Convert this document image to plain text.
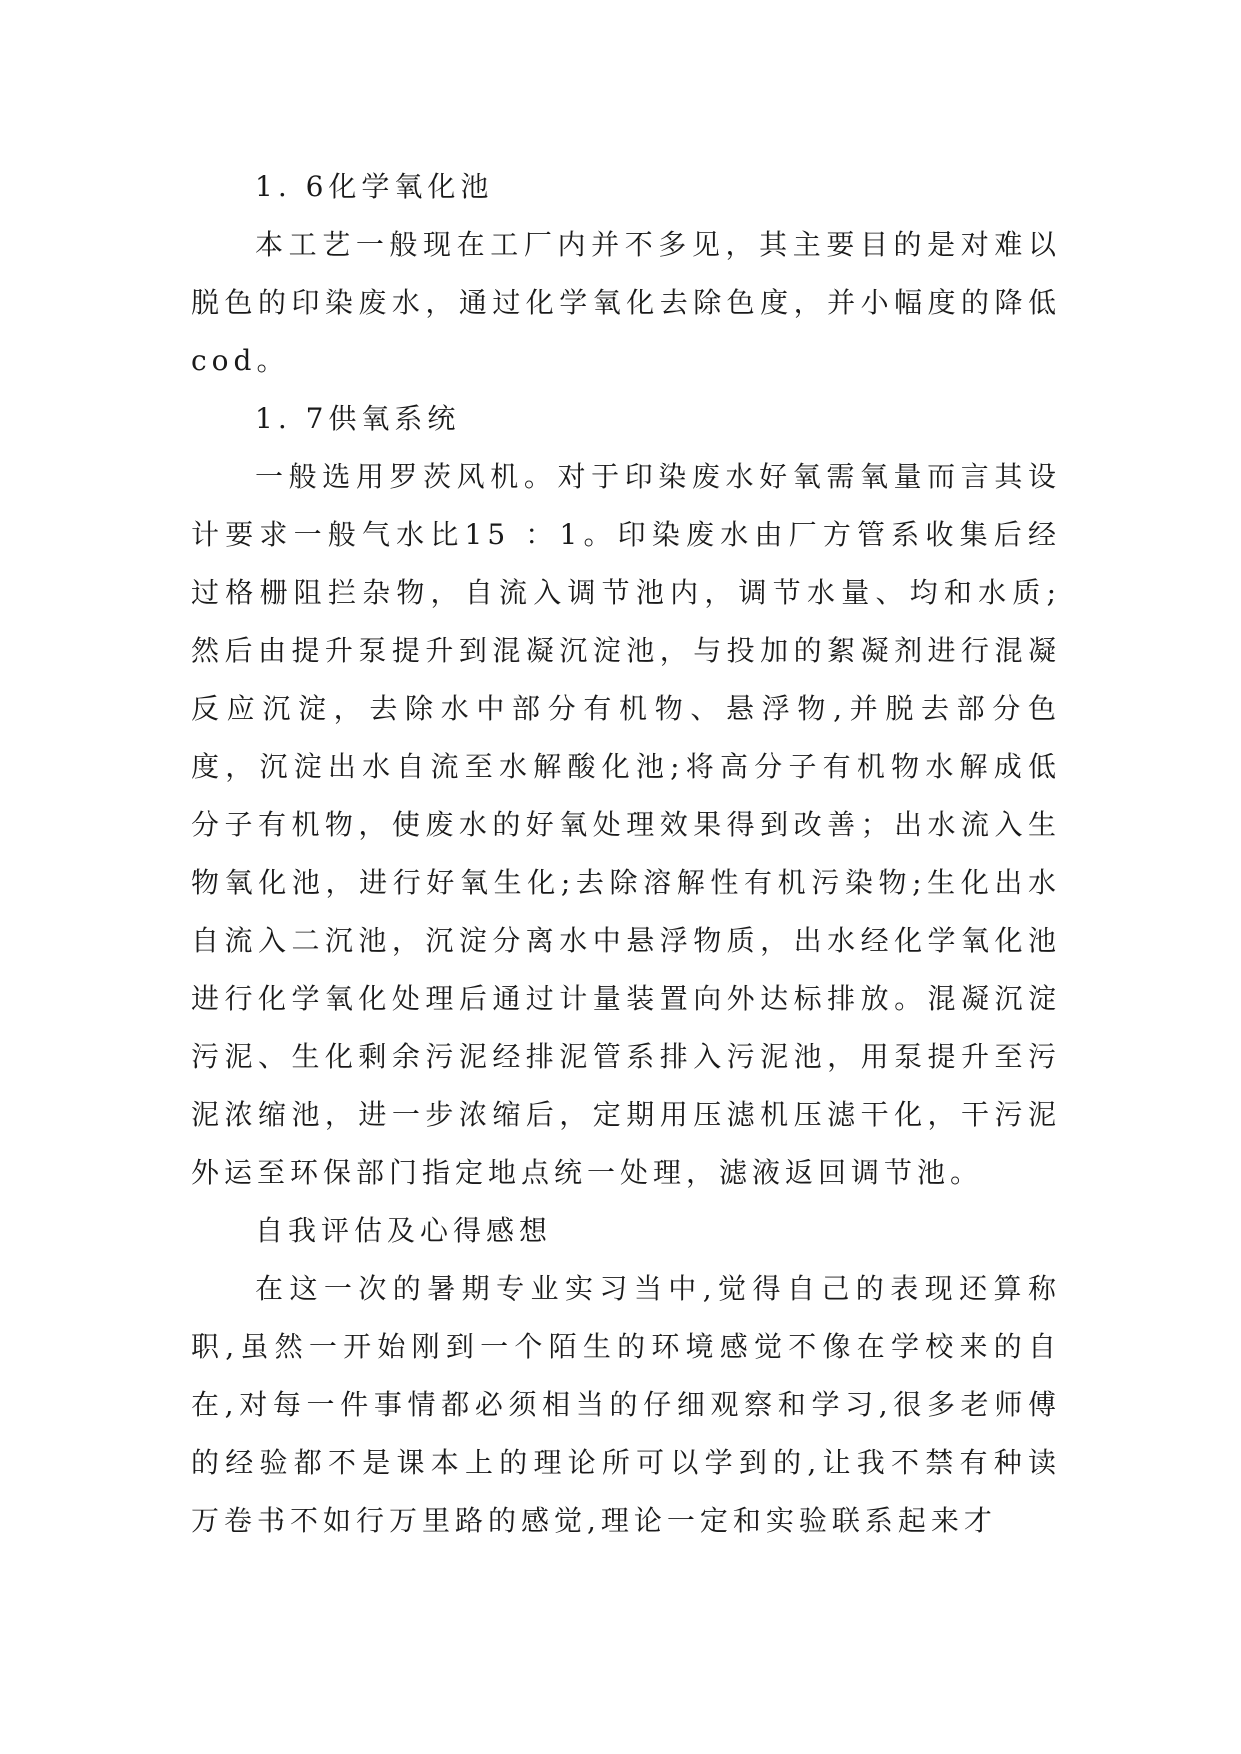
1. 6化学氧化池

本工艺一般现在工厂内并不多见，其主要目的是对难以脱色的印染废水，通过化学氧化去除色度，并小幅度的降低cod。

1. 7供氧系统

一般选用罗茨风机。对于印染废水好氧需氧量而言其设计要求一般气水比15 ：1。印染废水由厂方管系收集后经过格栅阻拦杂物，自流入调节池内，调节水量、均和水质;然后由提升泵提升到混凝沉淀池，与投加的絮凝剂进行混凝反应沉淀，去除水中部分有机物、悬浮物,并脱去部分色度，沉淀出水自流至水解酸化池;将高分子有机物水解成低分子有机物，使废水的好氧处理效果得到改善；出水流入生物氧化池，进行好氧生化;去除溶解性有机污染物;生化出水自流入二沉池，沉淀分离水中悬浮物质，出水经化学氧化池进行化学氧化处理后通过计量装置向外达标排放。混凝沉淀污泥、生化剩余污泥经排泥管系排入污泥池，用泵提升至污泥浓缩池，进一步浓缩后，定期用压滤机压滤干化，干污泥外运至环保部门指定地点统一处理，滤液返回调节池。

自我评估及心得感想

在这一次的暑期专业实习当中,觉得自己的表现还算称职,虽然一开始刚到一个陌生的环境感觉不像在学校来的自在,对每一件事情都必须相当的仔细观察和学习,很多老师傅的经验都不是课本上的理论所可以学到的,让我不禁有种读万卷书不如行万里路的感觉,理论一定和实验联系起来才
